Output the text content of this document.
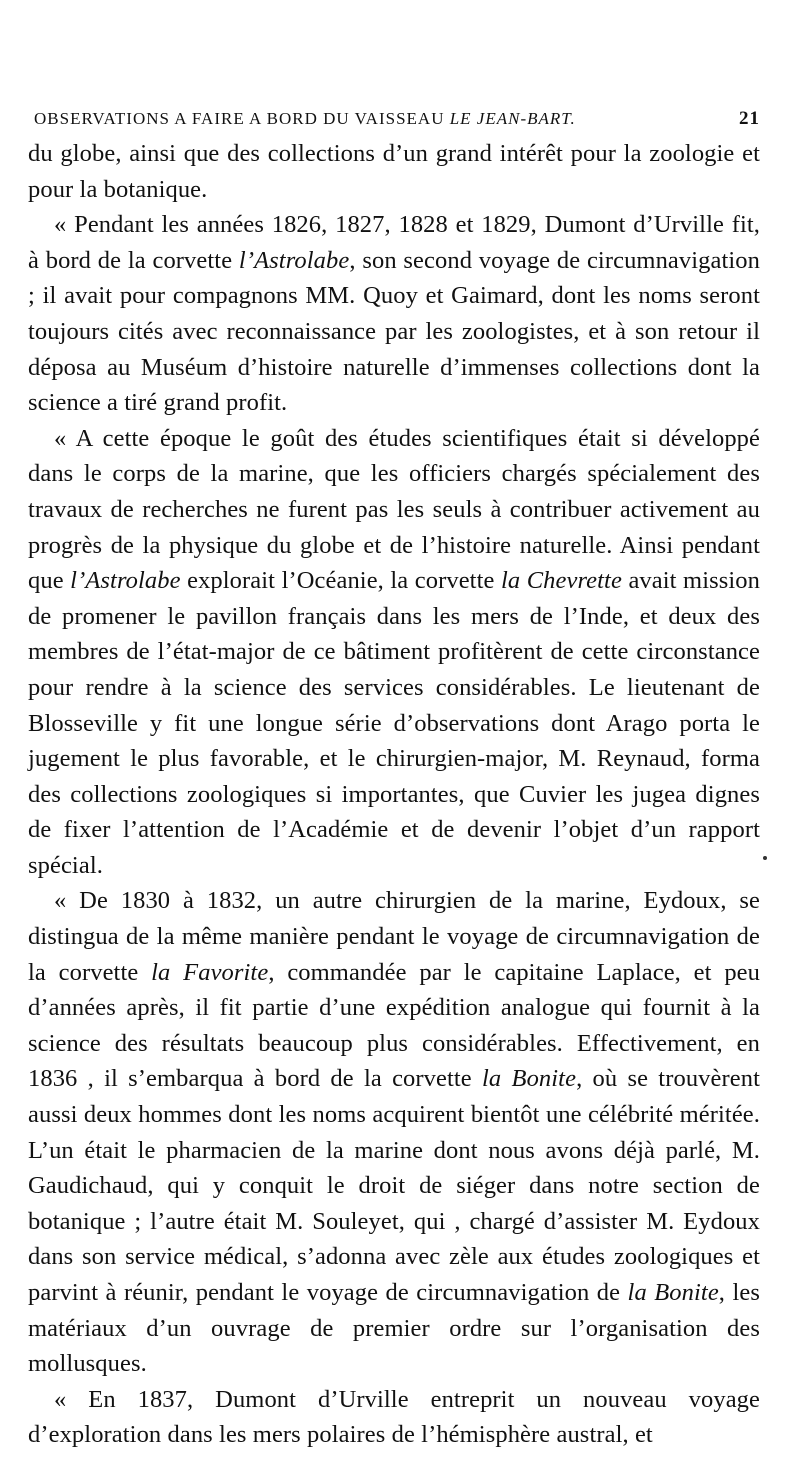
OBSERVATIONS A FAIRE A BORD DU VAISSEAU LE JEAN-BART.	21

du globe, ainsi que des collections d’un grand intérêt pour la zoologie et pour la botanique.

« Pendant les années 1826, 1827, 1828 et 1829, Dumont d’Urville fit, à bord de la corvette l’Astrolabe, son second voyage de circumnavigation ; il avait pour compagnons MM. Quoy et Gaimard, dont les noms seront toujours cités avec reconnaissance par les zoologistes, et à son retour il déposa au Muséum d’histoire naturelle d’immenses collections dont la science a tiré grand profit.

« A cette époque le goût des études scientifiques était si développé dans le corps de la marine, que les officiers chargés spécialement des travaux de recherches ne furent pas les seuls à contribuer activement au progrès de la physique du globe et de l’histoire naturelle. Ainsi pendant que l’Astrolabe explorait l’Océanie, la corvette la Chevrette avait mission de promener le pavillon français dans les mers de l’Inde, et deux des membres de l’état-major de ce bâtiment profitèrent de cette circonstance pour rendre à la science des services considérables. Le lieutenant de Blosseville y fit une longue série d’observations dont Arago porta le jugement le plus favorable, et le chirurgien-major, M. Reynaud, forma des collections zoologiques si importantes, que Cuvier les jugea dignes de fixer l’attention de l’Académie et de devenir l’objet d’un rapport spécial.

« De 1830 à 1832, un autre chirurgien de la marine, Eydoux, se distingua de la même manière pendant le voyage de circumnavigation de la corvette la Favorite, commandée par le capitaine Laplace, et peu d’années après, il fit partie d’une expédition analogue qui fournit à la science des résultats beaucoup plus considérables. Effectivement, en 1836 , il s’embarqua à bord de la corvette la Bonite, où se trouvèrent aussi deux hommes dont les noms acquirent bientôt une célébrité méritée. L’un était le pharmacien de la marine dont nous avons déjà parlé, M. Gaudichaud, qui y conquit le droit de siéger dans notre section de botanique ; l’autre était M. Souleyet, qui , chargé d’assister M. Eydoux dans son service médical, s’adonna avec zèle aux études zoologiques et parvint à réunir, pendant le voyage de circumnavigation de la Bonite, les matériaux d’un ouvrage de premier ordre sur l’organisation des mollusques.

« En 1837, Dumont d’Urville entreprit un nouveau voyage d’exploration dans les mers polaires de l’hémisphère austral, et
